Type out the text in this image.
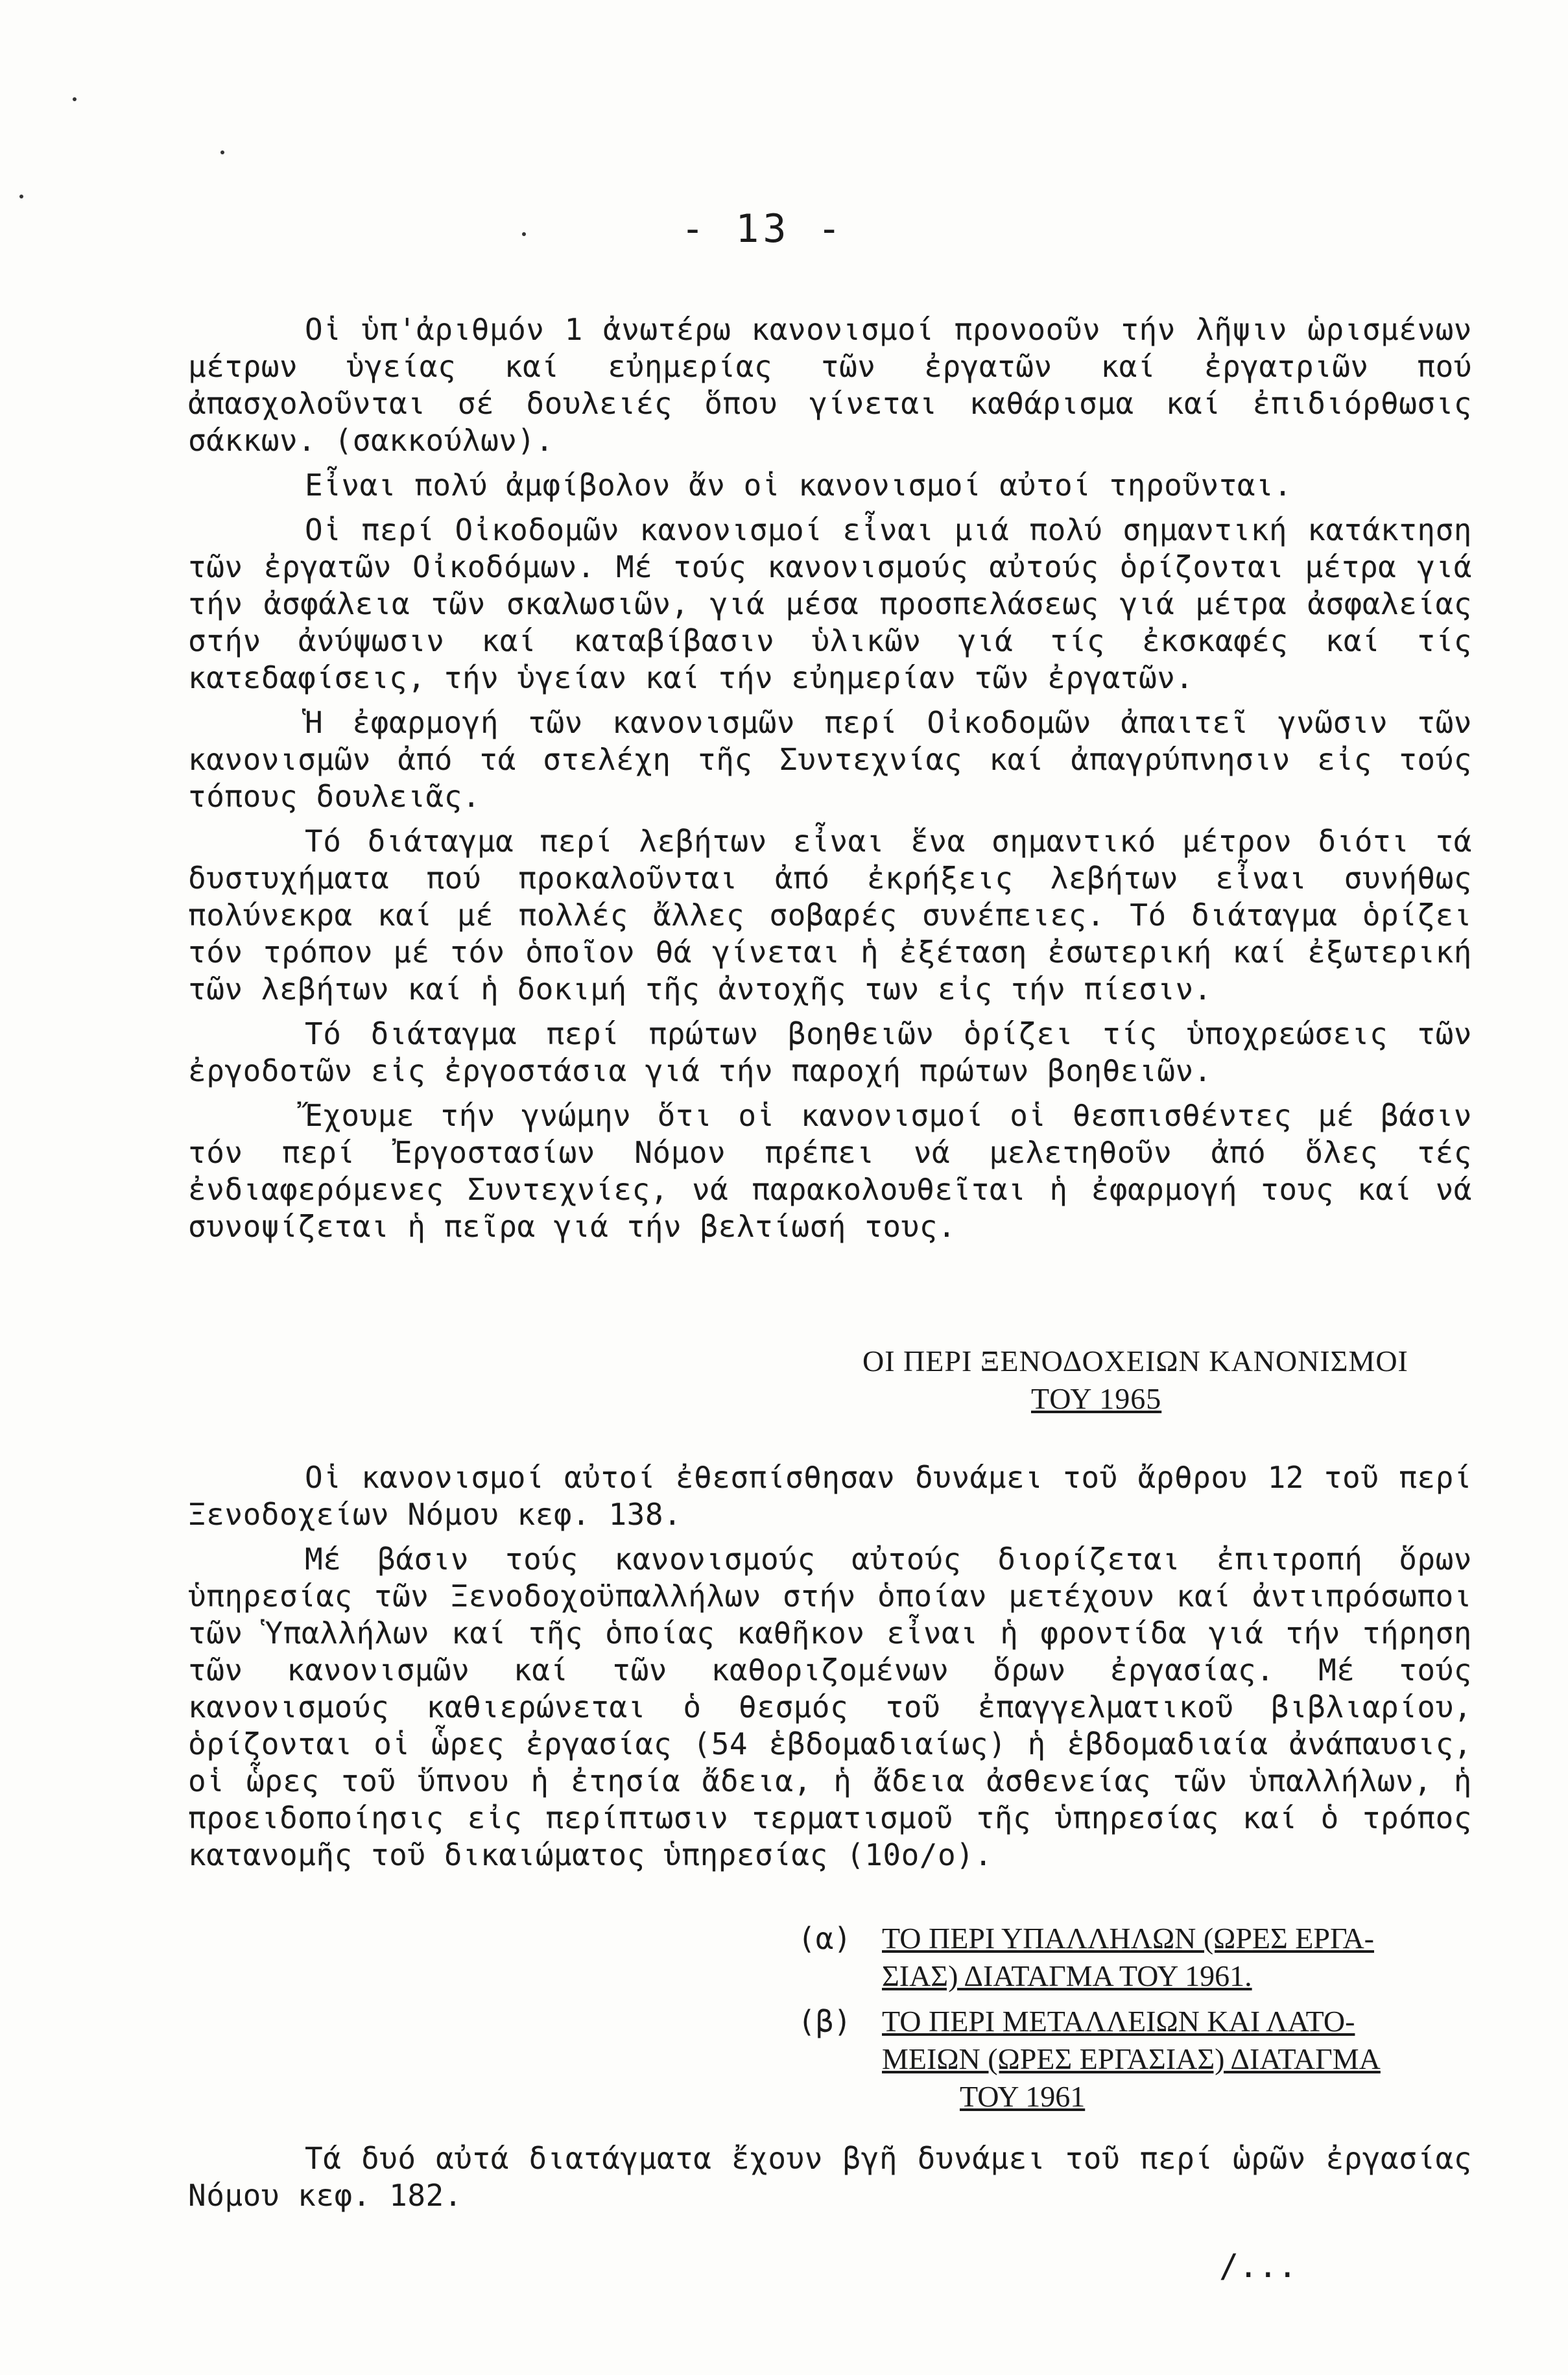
- 13 -

Οἱ ὑπ'ἀριθμόν 1 ἀνωτέρω κανονισμοί προνοοῦν τήν λῆψιν ὡρισμένων μέτρων ὑγείας καί εὐημερίας τῶν ἐργατῶν καί ἐργατριῶν πού ἀπασχολοῦνται σέ δουλειές ὅπου γίνεται καθάρισμα καί ἐπιδιόρθωσις σάκκων. (σακκούλων).

Εἶναι πολύ ἀμφίβολον ἄν οἱ κανονισμοί αὐτοί τηροῦνται.

Οἱ περί Οἰκοδομῶν κανονισμοί εἶναι μιά πολύ σημαντική κατάκτηση τῶν ἐργατῶν Οἰκοδόμων. Μέ τούς κανονισμούς αὐτούς ὁρίζονται μέτρα γιά τήν ἀσφάλεια τῶν σκαλωσιῶν, γιά μέσα προσπελάσεως γιά μέτρα ἀσφαλείας στήν ἀνύψωσιν καί καταβίβασιν ὑλικῶν γιά τίς ἐκσκαφές καί τίς κατεδαφίσεις, τήν ὑγείαν καί τήν εὐημερίαν τῶν ἐργατῶν.

Ἡ ἐφαρμογή τῶν κανονισμῶν περί Οἰκοδομῶν ἀπαιτεῖ γνῶσιν τῶν κανονισμῶν ἀπό τά στελέχη τῆς Συντεχνίας καί ἀπαγρύπνησιν εἰς τούς τόπους δουλειᾶς.

Τό διάταγμα περί λεβήτων εἶναι ἕνα σημαντικό μέτρον διότι τά δυστυχήματα πού προκαλοῦνται ἀπό ἐκρήξεις λεβήτων εἶναι συνήθως πολύνεκρα καί μέ πολλές ἄλλες σοβαρές συνέπειες. Τό διάταγμα ὁρίζει τόν τρόπον μέ τόν ὁποῖον θά γίνεται ἡ ἐξέταση ἐσωτερική καί ἐξωτερική τῶν λεβήτων καί ἡ δοκιμή τῆς ἀντοχῆς των εἰς τήν πίεσιν.

Τό διάταγμα περί πρώτων βοηθειῶν ὁρίζει τίς ὑποχρεώσεις τῶν ἐργοδοτῶν εἰς ἐργοστάσια γιά τήν παροχή πρώτων βοηθειῶν.

Ἔχουμε τήν γνώμην ὅτι οἱ κανονισμοί οἱ θεσπισθέντες μέ βάσιν τόν περί Ἐργοστασίων Νόμον πρέπει νά μελετηθοῦν ἀπό ὅλες τές ἐνδιαφερόμενες Συντεχνίες, νά παρακολουθεῖται ἡ ἐφαρμογή τους καί νά συνοψίζεται ἡ πεῖρα γιά τήν βελτίωσή τους.

ΟΙ ΠΕΡΙ ΞΕΝΟΔΟΧΕΙΩΝ ΚΑΝΟΝΙΣΜΟΙ
ΤΟΥ 1965

Οἱ κανονισμοί αὐτοί ἐθεσπίσθησαν δυνάμει τοῦ ἄρθρου 12 τοῦ περί Ξενοδοχείων Νόμου κεφ. 138.

Μέ βάσιν τούς κανονισμούς αὐτούς διορίζεται ἐπιτροπή ὅρων ὑπηρεσίας τῶν Ξενοδοχοϋπαλλήλων στήν ὁποίαν μετέχουν καί ἀντιπρόσωποι τῶν Ὑπαλλήλων καί τῆς ὁποίας καθῆκον εἶναι ἡ φροντίδα γιά τήν τήρηση τῶν κανονισμῶν καί τῶν καθοριζομένων ὅρων ἐργασίας. Μέ τούς κανονισμούς καθιερώνεται ὁ θεσμός τοῦ ἐπαγγελματικοῦ βιβλιαρίου, ὁρίζονται οἱ ὧρες ἐργασίας (54 ἑβδομαδιαίως) ἡ ἑβδομαδιαία ἀνάπαυσις, οἱ ὧρες τοῦ ὕπνου ἡ ἐτησία ἄδεια, ἡ ἄδεια ἀσθενείας τῶν ὑπαλλήλων, ἡ προειδοποίησις εἰς περίπτωσιν τερματισμοῦ τῆς ὑπηρεσίας καί ὁ τρόπος κατανομῆς τοῦ δικαιώματος ὑπηρεσίας (10ο/ο).

(α)	ΤΟ ΠΕΡΙ ΥΠΑΛΛΗΛΩΝ (ΩΡΕΣ ΕΡΓΑ-
ΣΙΑΣ) ΔΙΑΤΑΓΜΑ ΤΟΥ 1961.
(β)	ΤΟ ΠΕΡΙ ΜΕΤΑΛΛΕΙΩΝ ΚΑΙ ΛΑΤΟ-
ΜΕΙΩΝ (ΩΡΕΣ ΕΡΓΑΣΙΑΣ) ΔΙΑΤΑΓΜΑ
ΤΟΥ 1961

Τά δυό αὐτά διατάγματα ἔχουν βγῆ δυνάμει τοῦ περί ὡρῶν ἐργασίας Νόμου κεφ. 182.

/...
